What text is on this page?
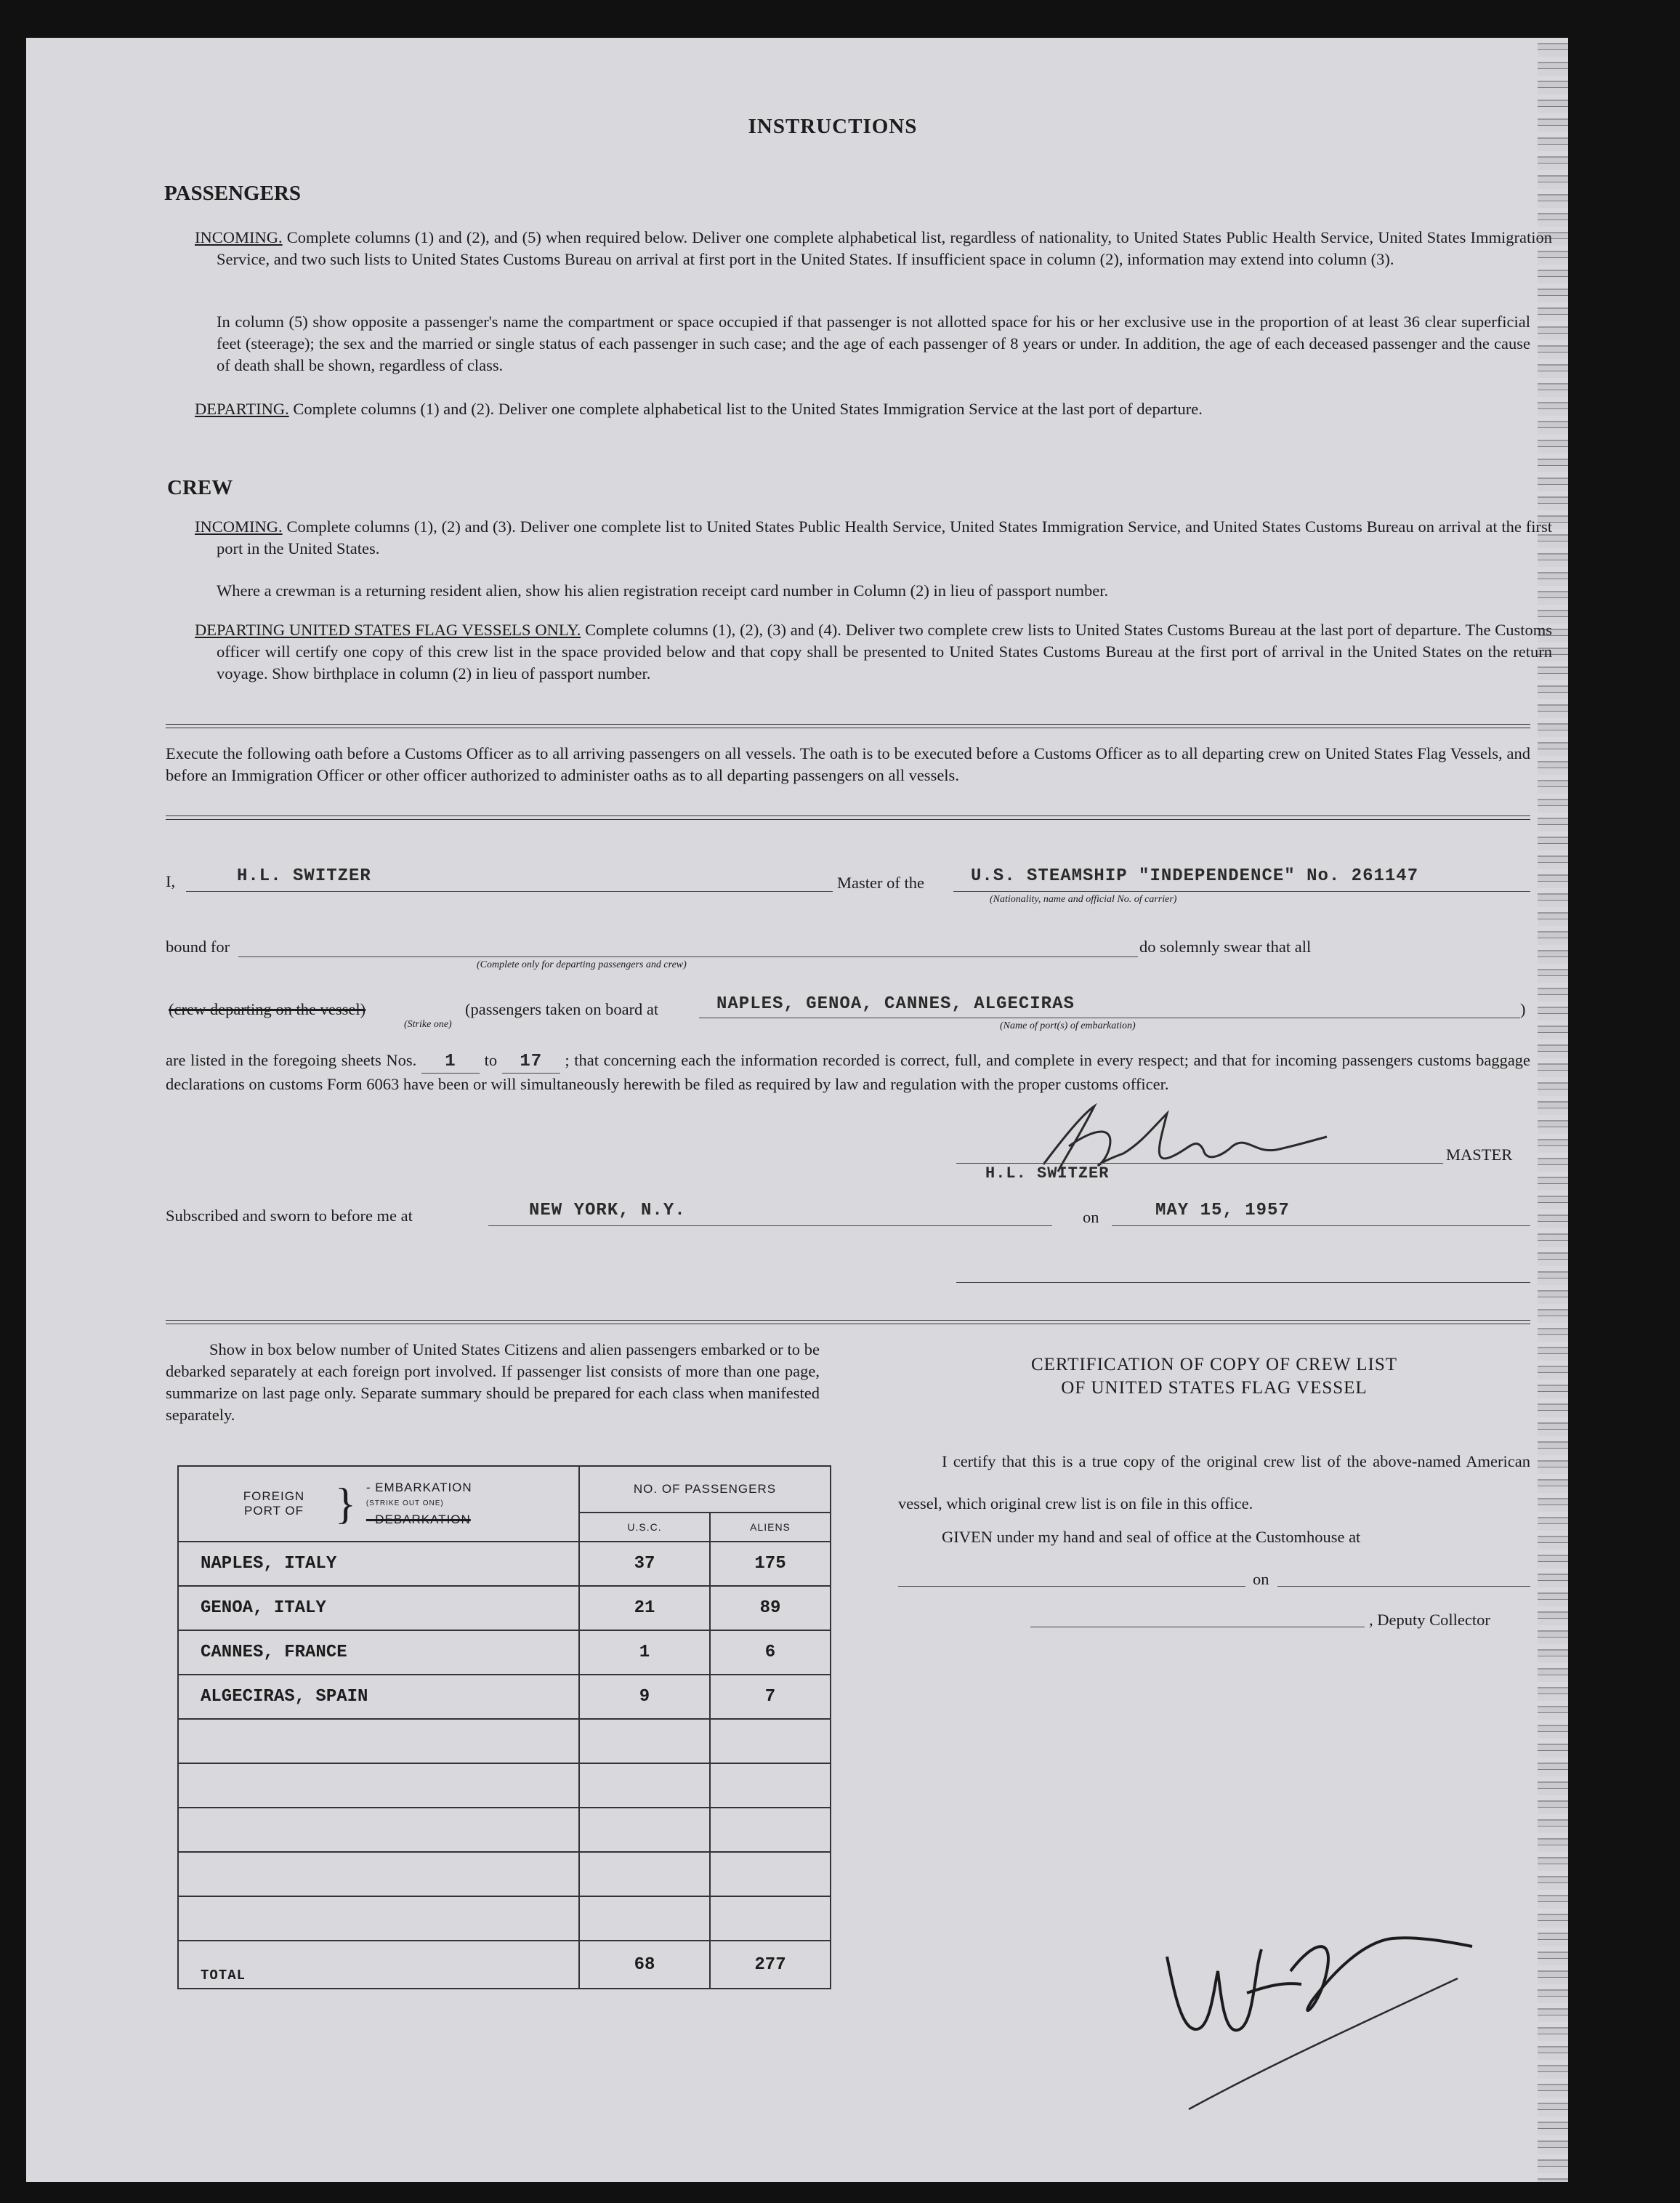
INSTRUCTIONS
PASSENGERS
INCOMING. Complete columns (1) and (2), and (5) when required below. Deliver one complete alphabetical list, regardless of nationality, to United States Public Health Service, United States Immigration Service, and two such lists to United States Customs Bureau on arrival at first port in the United States. If insufficient space in column (2), information may extend into column (3).
In column (5) show opposite a passenger's name the compartment or space occupied if that passenger is not allotted space for his or her exclusive use in the proportion of at least 36 clear superficial feet (steerage); the sex and the married or single status of each passenger in such case; and the age of each passenger of 8 years or under. In addition, the age of each deceased passenger and the cause of death shall be shown, regardless of class.
DEPARTING. Complete columns (1) and (2). Deliver one complete alphabetical list to the United States Immigration Service at the last port of departure.
CREW
INCOMING. Complete columns (1), (2) and (3). Deliver one complete list to United States Public Health Service, United States Immigration Service, and United States Customs Bureau on arrival at the first port in the United States.
Where a crewman is a returning resident alien, show his alien registration receipt card number in Column (2) in lieu of passport number.
DEPARTING UNITED STATES FLAG VESSELS ONLY. Complete columns (1), (2), (3) and (4). Deliver two complete crew lists to United States Customs Bureau at the last port of departure. The Customs officer will certify one copy of this crew list in the space provided below and that copy shall be presented to United States Customs Bureau at the first port of arrival in the United States on the return voyage. Show birthplace in column (2) in lieu of passport number.
Execute the following oath before a Customs Officer as to all arriving passengers on all vessels. The oath is to be executed before a Customs Officer as to all departing crew on United States Flag Vessels, and before an Immigration Officer or other officer authorized to administer oaths as to all departing passengers on all vessels.
I,	H.L. SWITZER	Master of the	U.S. STEAMSHIP "INDEPENDENCE" No. 261147
(Nationality, name and official No. of carrier)
bound for
(Complete only for departing passengers and crew)
do solemnly swear that all
(crew departing on the vessel)
(Strike one)
(passengers taken on board at	NAPLES, GENOA, CANNES, ALGECIRAS
(Name of port(s) of embarkation)
)
are listed in the foregoing sheets Nos. 1 to 17 ; that concerning each the information recorded is correct, full, and complete in every respect; and that for incoming passengers customs baggage declarations on customs Form 6063 have been or will simultaneously herewith be filed as required by law and regulation with the proper customs officer.
H.L. SWITZER
MASTER
Subscribed and sworn to before me at	NEW YORK, N.Y.	on	MAY 15, 1957
Show in box below number of United States Citizens and alien passengers embarked or to be debarked separately at each foreign port involved. If passenger list consists of more than one page, summarize on last page only. Separate summary should be prepared for each class when manifested separately.
FOREIGN PORT OF } - EMBARKATION
(STRIKE OUT ONE)
- DEBARKATION	NO. OF PASSENGERS	
	U.S.C.	ALIENS
NAPLES, ITALY	37	175
GENOA, ITALY	21	89
CANNES, FRANCE	1	6
ALGECIRAS, SPAIN	9	7

TOTAL	68	277
CERTIFICATION OF COPY OF CREW LIST
OF UNITED STATES FLAG VESSEL
I certify that this is a true copy of the original crew list of the above-named American vessel, which original crew list is on file in this office.
GIVEN under my hand and seal of office at the Customhouse at
on
, Deputy Collector
